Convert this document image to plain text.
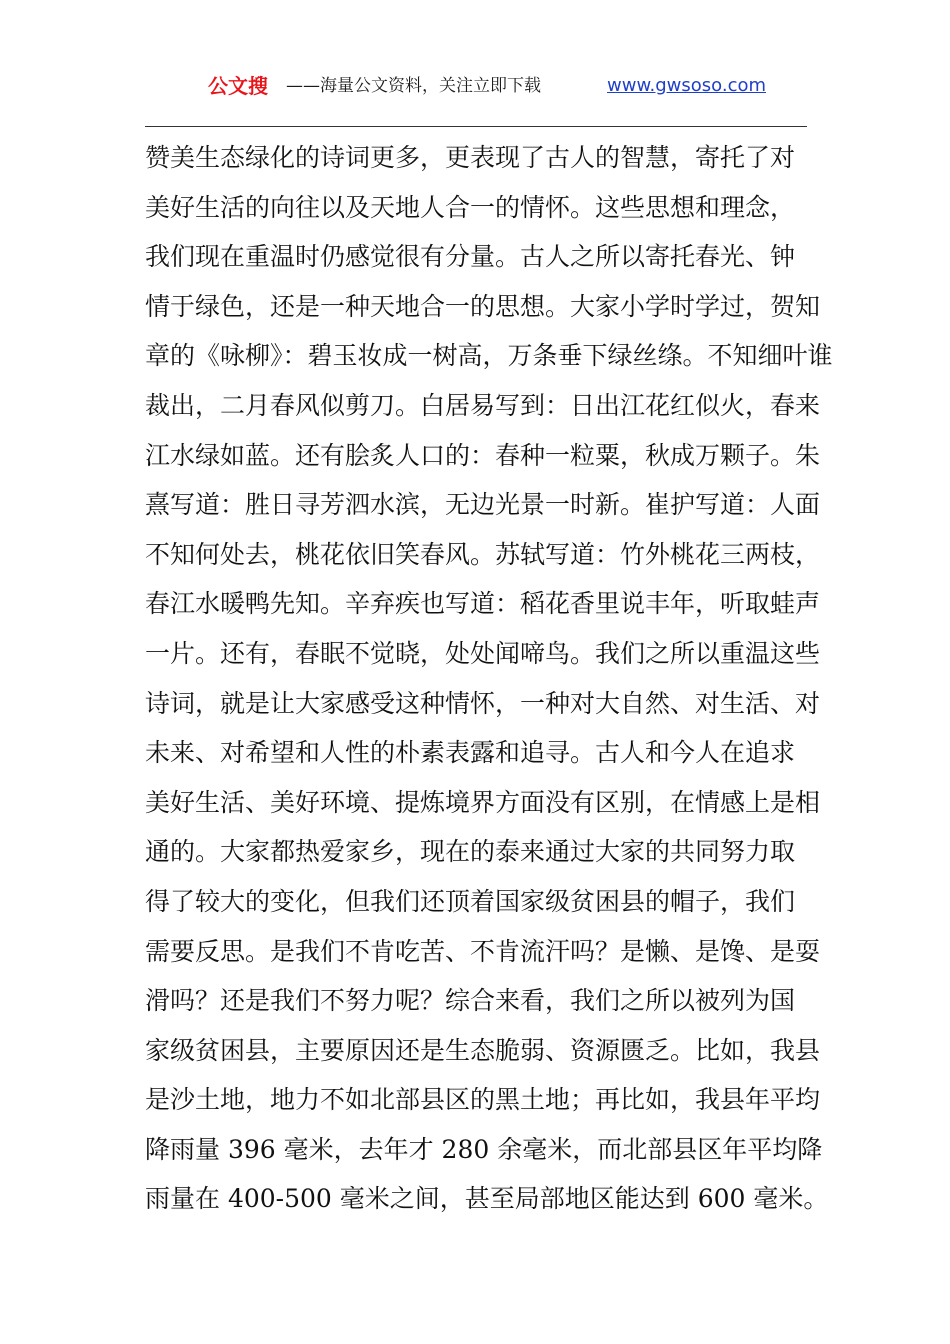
公文搜 ——海量公文资料，关注立即下载	www.gwsoso.com
赞美生态绿化的诗词更多，更表现了古人的智慧，寄托了对
美好生活的向往以及天地人合一的情怀。这些思想和理念，
我们现在重温时仍感觉很有分量。古人之所以寄托春光、钟
情于绿色，还是一种天地合一的思想。大家小学时学过，贺知
章的《咏柳》：碧玉妆成一树高，万条垂下绿丝绦。不知细叶谁
裁出，二月春风似剪刀。白居易写到：日出江花红似火，春来
江水绿如蓝。还有脍炙人口的：春种一粒粟，秋成万颗子。朱
熹写道：胜日寻芳泗水滨，无边光景一时新。崔护写道：人面
不知何处去，桃花依旧笑春风。苏轼写道：竹外桃花三两枝，
春江水暖鸭先知。辛弃疾也写道：稻花香里说丰年，听取蛙声
一片。还有，春眠不觉晓，处处闻啼鸟。我们之所以重温这些
诗词，就是让大家感受这种情怀，一种对大自然、对生活、对
未来、对希望和人性的朴素表露和追寻。古人和今人在追求
美好生活、美好环境、提炼境界方面没有区别，在情感上是相
通的。大家都热爱家乡，现在的泰来通过大家的共同努力取
得了较大的变化，但我们还顶着国家级贫困县的帽子，我们
需要反思。是我们不肯吃苦、不肯流汗吗？是懒、是馋、是耍
滑吗？还是我们不努力呢？综合来看，我们之所以被列为国
家级贫困县，主要原因还是生态脆弱、资源匮乏。比如，我县
是沙土地，地力不如北部县区的黑土地；再比如，我县年平均
降雨量 396 毫米，去年才 280 余毫米，而北部县区年平均降
雨量在 400-500 毫米之间，甚至局部地区能达到 600 毫米。
